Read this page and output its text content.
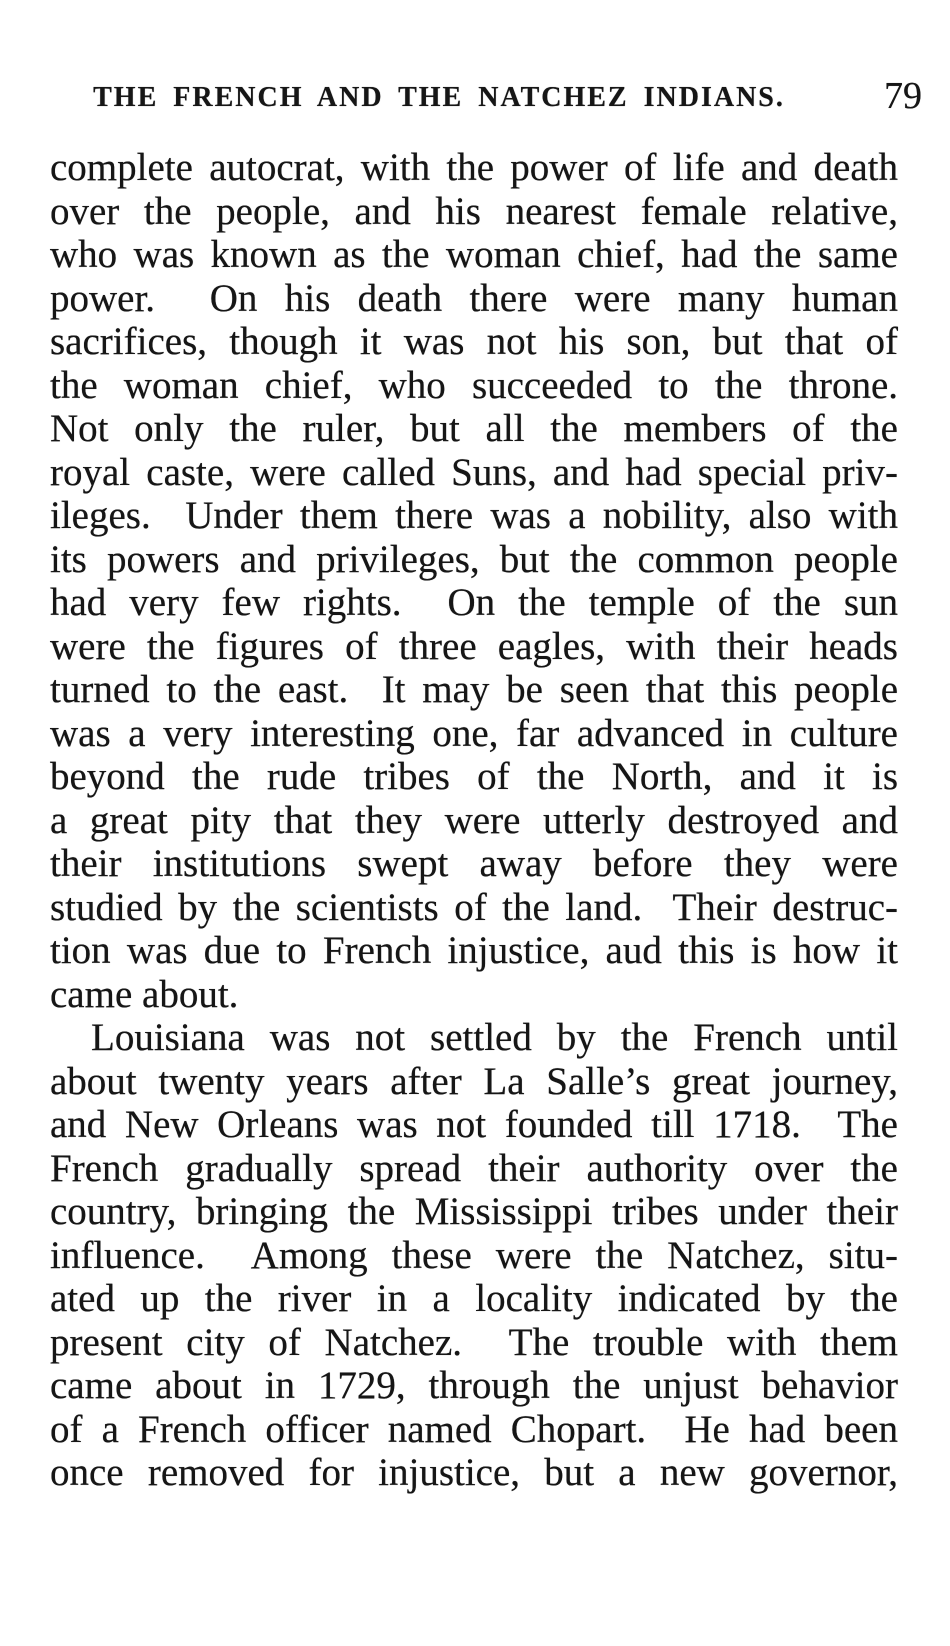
THE FRENCH AND THE NATCHEZ INDIANS.	79
complete autocrat, with the power of life and death
over the people, and his nearest female relative,
who was known as the woman chief, had the same
power.  On his death there were many human
sacrifices, though it was not his son, but that of
the woman chief, who succeeded to the throne.
Not only the ruler, but all the members of the
royal caste, were called Suns, and had special priv-
ileges.  Under them there was a nobility, also with
its powers and privileges, but the common people
had very few rights.  On the temple of the sun
were the figures of three eagles, with their heads
turned to the east.  It may be seen that this people
was a very interesting one, far advanced in culture
beyond the rude tribes of the North, and it is
a great pity that they were utterly destroyed and
their institutions swept away before they were
studied by the scientists of the land.  Their destruc-
tion was due to French injustice, aud this is how it
came about.
Louisiana was not settled by the French until
about twenty years after La Salle’s great journey,
and New Orleans was not founded till 1718.  The
French gradually spread their authority over the
country, bringing the Mississippi tribes under their
influence.  Among these were the Natchez, situ-
ated up the river in a locality indicated by the
present city of Natchez.  The trouble with them
came about in 1729, through the unjust behavior
of a French officer named Chopart.  He had been
once removed for injustice, but a new governor,
